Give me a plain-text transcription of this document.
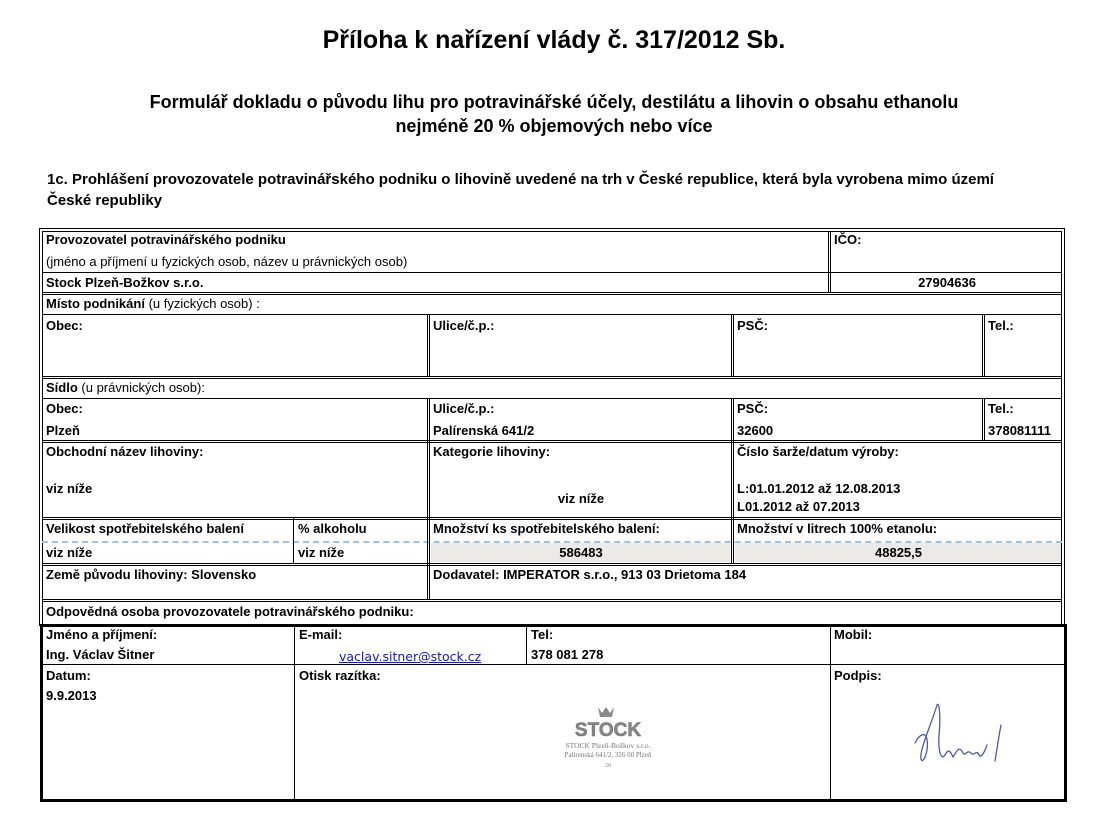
Příloha k nařízení vlády č. 317/2012 Sb.
Formulář dokladu o původu lihu pro potravinářské účely, destilátu a lihovin o obsahu ethanolu
nejméně 20 % objemových nebo více
1c. Prohlášení provozovatele potravinářského podniku o lihovině uvedené na trh v České republice, která byla vyrobena mimo území
České republiky
Provozovatel potravinářského podniku
(jméno a příjmení u fyzických osob, název u právnických osob)
Stock Plzeň-Božkov s.r.o.
IČO:
27904636
Místo podnikání (u fyzických osob) :
Obec:	Ulice/č.p.:	PSČ:	Tel.:
Sídlo (u právnických osob):
Obec:
Plzeň
Ulice/č.p.:
Palírenská 641/2
PSČ:
32600
Tel.:
378081111
Obchodní název lihoviny:
viz níže
Kategorie lihoviny:
viz níže
Číslo šarže/datum výroby:
L:01.01.2012 až 12.08.2013
L01.2012 až 07.2013
Velikost spotřebitelského balení
viz níže
% alkoholu
viz níže
Množství ks spotřebitelského balení:
586483
Množství v litrech 100% etanolu:
48825,5
Země původu lihoviny: Slovensko	Dodavatel: IMPERATOR s.r.o., 913 03 Drietoma 184
Odpovědná osoba provozovatele potravinářského podniku:
Jméno a příjmení:
Ing. Václav Šitner
E-mail:
vaclav.sitner@stock.cz
Tel:
378 081 278
Mobil:
Datum:
9.9.2013
Otisk razítka:	Podpis:
STOCK
STOCK Plzeň-Božkov s.r.o.
Palírenská 641/2, 326 00 Plzeň
28
